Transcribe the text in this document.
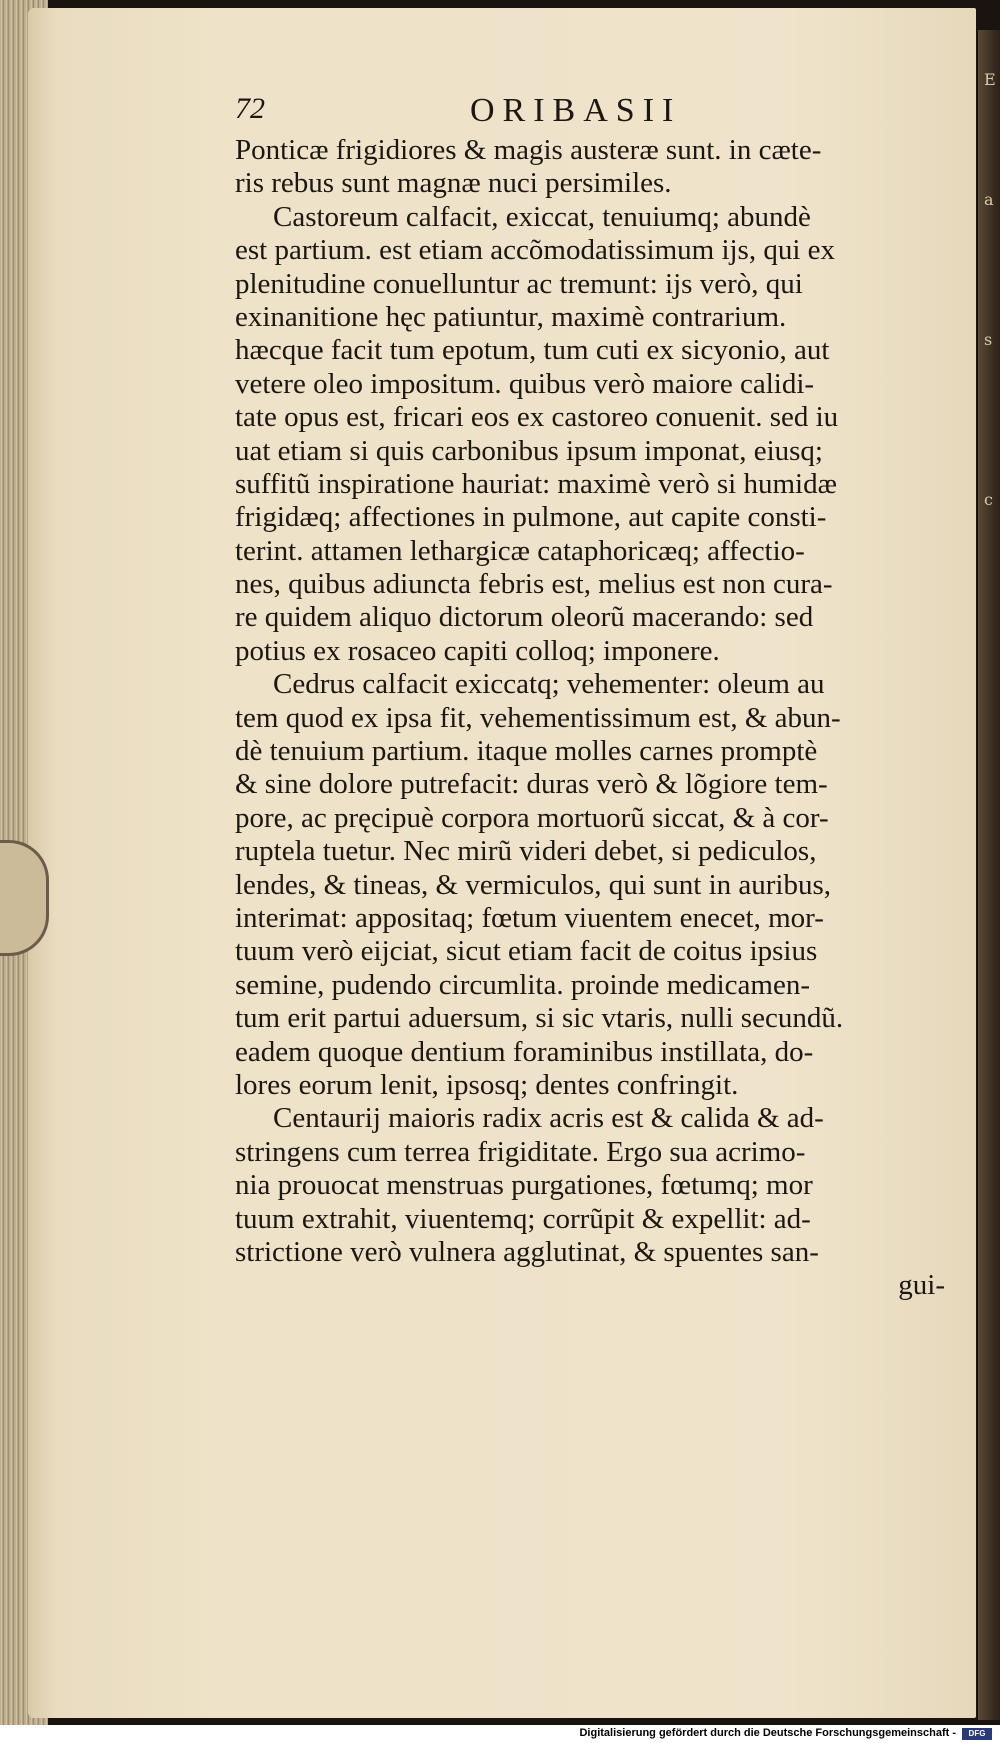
E
a
s
c
72	ORIBASII
Ponticæ frigidiores & magis austeræ sunt. in cæte-
ris rebus sunt magnæ nuci persimiles.
Castoreum calfacit, exiccat, tenuiumq; abundè
est partium. est etiam accõmodatissimum ijs, qui ex
plenitudine conuelluntur ac tremunt: ijs verò, qui
exinanitione hęc patiuntur, maximè contrarium.
hæcque facit tum epotum, tum cuti ex sicyonio, aut
vetere oleo impositum. quibus verò maiore calidi-
tate opus est, fricari eos ex castoreo conuenit. sed iu
uat etiam si quis carbonibus ipsum imponat, eiusq;
suffitũ inspiratione hauriat: maximè verò si humidæ
frigidæq; affectiones in pulmone, aut capite consti-
terint. attamen lethargicæ cataphoricæq; affectio-
nes, quibus adiuncta febris est, melius est non cura-
re quidem aliquo dictorum oleorũ macerando: sed
potius ex rosaceo capiti colloq; imponere.
Cedrus calfacit exiccatq; vehementer: oleum au
tem quod ex ipsa fit, vehementissimum est, & abun-
dè tenuium partium. itaque molles carnes promptè
& sine dolore putrefacit: duras verò & lõgiore tem-
pore, ac pręcipuè corpora mortuorũ siccat, & à cor-
ruptela tuetur. Nec mirũ videri debet, si pediculos,
lendes, & tineas, & vermiculos, qui sunt in auribus,
interimat: appositaq; fœtum viuentem enecet, mor-
tuum verò eijciat, sicut etiam facit de coitus ipsius
semine, pudendo circumlita. proinde medicamen-
tum erit partui aduersum, si sic vtaris, nulli secundũ.
eadem quoque dentium foraminibus instillata, do-
lores eorum lenit, ipsosq; dentes confringit.
Centaurij maioris radix acris est & calida & ad-
stringens cum terrea frigiditate. Ergo sua acrimo-
nia prouocat menstruas purgationes, fœtumq; mor
tuum extrahit, viuentemq; corrũpit & expellit: ad-
strictione verò vulnera agglutinat, & spuentes san-
gui-
Digitalisierung gefördert durch die Deutsche Forschungsgemeinschaft -	DFG
